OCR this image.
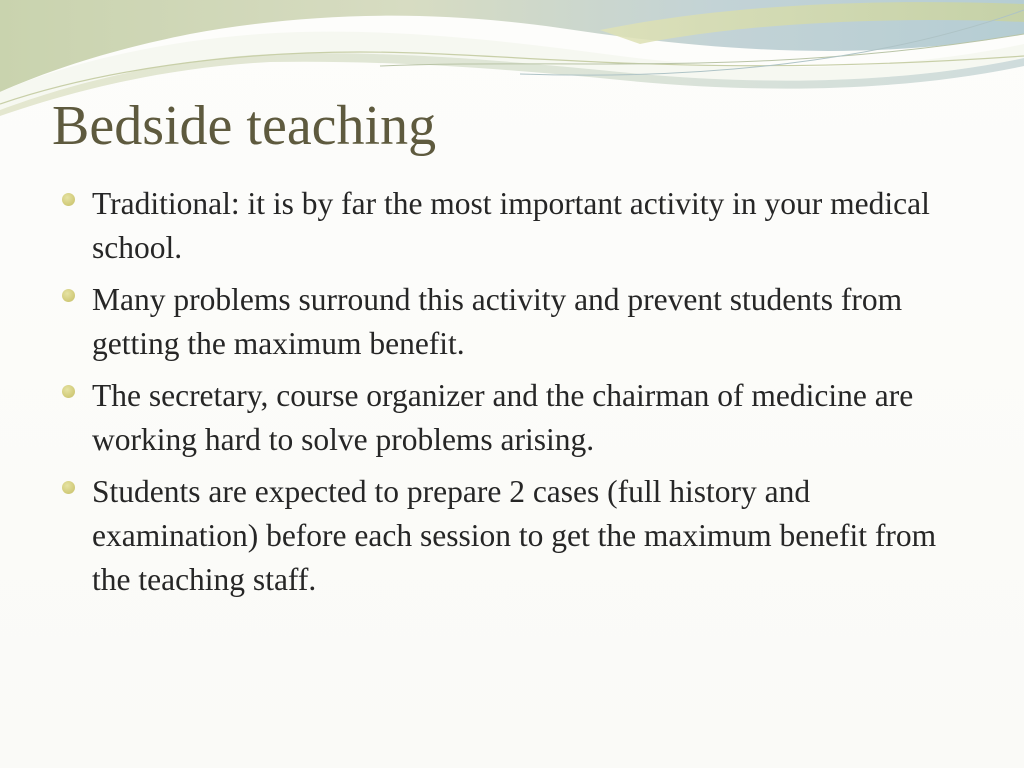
Bedside teaching
Traditional: it is by far the most important activity in your medical school.
Many problems surround this activity and prevent students from getting the maximum benefit.
The secretary, course organizer and the chairman of medicine are working hard to solve problems arising.
Students are expected to prepare 2 cases (full history and examination) before each session to get the maximum benefit from the teaching staff.
